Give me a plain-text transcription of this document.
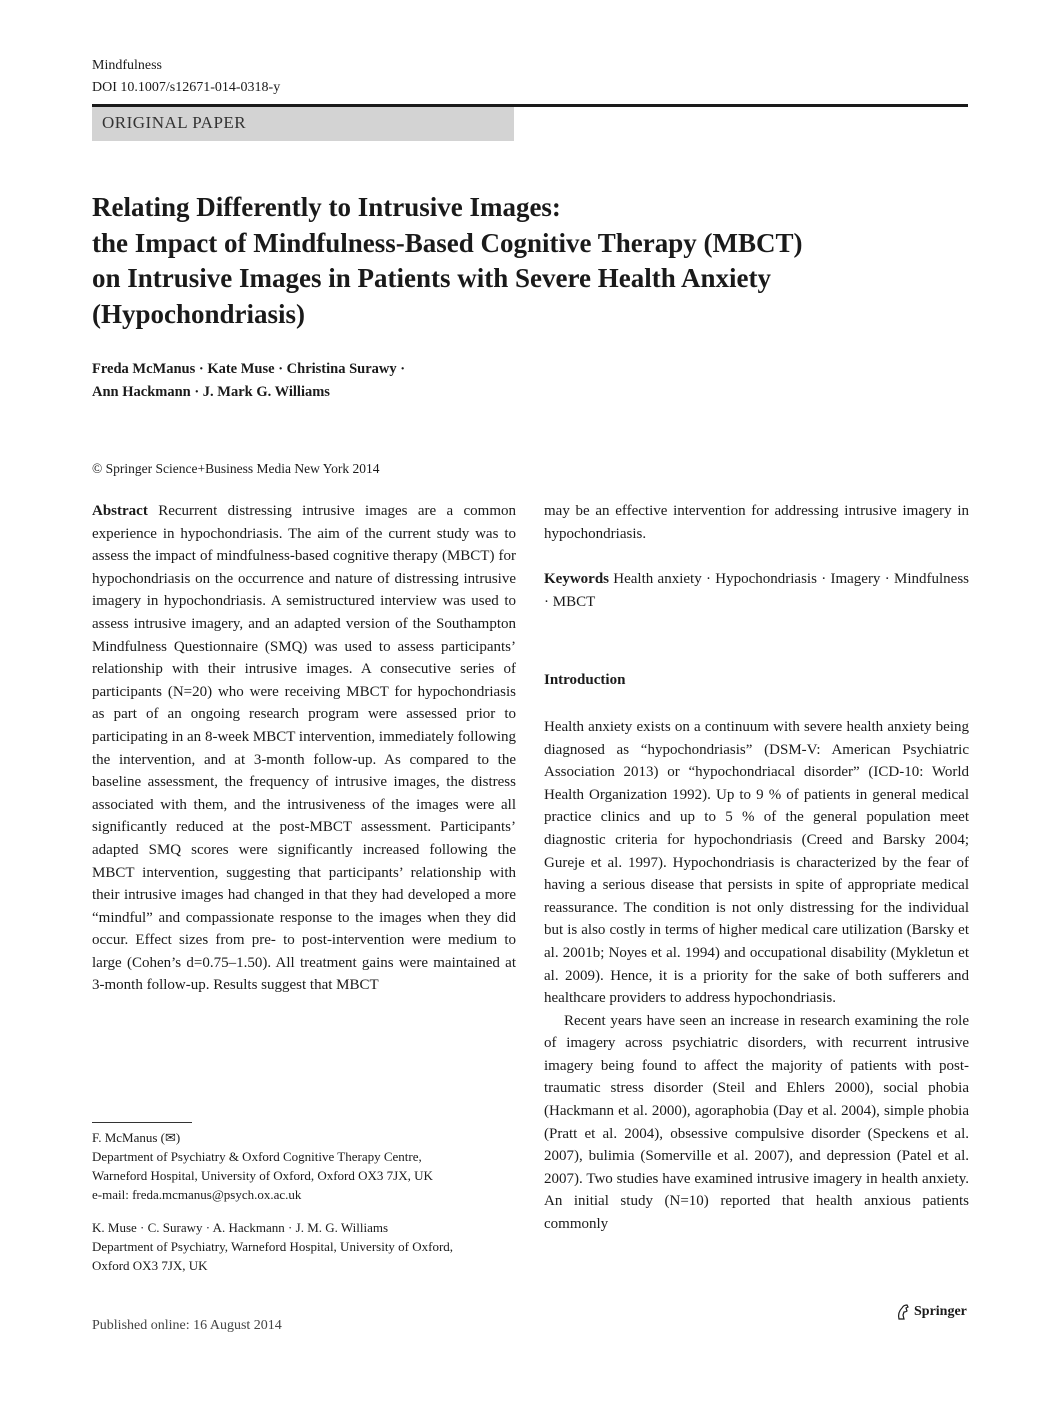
Mindfulness
DOI 10.1007/s12671-014-0318-y
ORIGINAL PAPER
Relating Differently to Intrusive Images:
the Impact of Mindfulness-Based Cognitive Therapy (MBCT)
on Intrusive Images in Patients with Severe Health Anxiety
(Hypochondriasis)
Freda McManus · Kate Muse · Christina Surawy ·
Ann Hackmann · J. Mark G. Williams
© Springer Science+Business Media New York 2014

Abstract Recurrent distressing intrusive images are a common experience in hypochondriasis. The aim of the current study was to assess the impact of mindfulness-based cognitive therapy (MBCT) for hypochondriasis on the occurrence and nature of distressing intrusive imagery in hypochondriasis. A semistructured interview was used to assess intrusive imagery, and an adapted version of the Southampton Mindfulness Questionnaire (SMQ) was used to assess participants’ relationship with their intrusive images. A consecutive series of participants (N=20) who were receiving MBCT for hypochondriasis as part of an ongoing research program were assessed prior to participating in an 8-week MBCT intervention, immediately following the intervention, and at 3-month follow-up. As compared to the baseline assessment, the frequency of intrusive images, the distress associated with them, and the intrusiveness of the images were all significantly reduced at the post-MBCT assessment. Participants’ adapted SMQ scores were significantly increased following the MBCT intervention, suggesting that participants’ relationship with their intrusive images had changed in that they had developed a more “mindful” and compassionate response to the images when they did occur. Effect sizes from pre- to post-intervention were medium to large (Cohen’s d=0.75–1.50). All treatment gains were maintained at 3-month follow-up. Results suggest that MBCT

may be an effective intervention for addressing intrusive imagery in hypochondriasis.

Keywords Health anxiety · Hypochondriasis · Imagery · Mindfulness · MBCT

Introduction

Health anxiety exists on a continuum with severe health anxiety being diagnosed as “hypochondriasis” (DSM-V: American Psychiatric Association 2013) or “hypochondriacal disorder” (ICD-10: World Health Organization 1992). Up to 9 % of patients in general medical practice clinics and up to 5 % of the general population meet diagnostic criteria for hypochondriasis (Creed and Barsky 2004; Gureje et al. 1997). Hypochondriasis is characterized by the fear of having a serious disease that persists in spite of appropriate medical reassurance. The condition is not only distressing for the individual but is also costly in terms of higher medical care utilization (Barsky et al. 2001b; Noyes et al. 1994) and occupational disability (Mykletun et al. 2009). Hence, it is a priority for the sake of both sufferers and healthcare providers to address hypochondriasis.

Recent years have seen an increase in research examining the role of imagery across psychiatric disorders, with recurrent intrusive imagery being found to affect the majority of patients with post-traumatic stress disorder (Steil and Ehlers 2000), social phobia (Hackmann et al. 2000), agoraphobia (Day et al. 2004), simple phobia (Pratt et al. 2004), obsessive compulsive disorder (Speckens et al. 2007), bulimia (Somerville et al. 2007), and depression (Patel et al. 2007). Two studies have examined intrusive imagery in health anxiety. An initial study (N=10) reported that health anxious patients commonly

F. McManus (✉)

Department of Psychiatry & Oxford Cognitive Therapy Centre,

Warneford Hospital, University of Oxford, Oxford OX3 7JX, UK

e-mail: freda.mcmanus@psych.ox.ac.uk

K. Muse · C. Surawy · A. Hackmann · J. M. G. Williams

Department of Psychiatry, Warneford Hospital, University of Oxford,

Oxford OX3 7JX, UK

Published online: 16 August 2014
Springer
